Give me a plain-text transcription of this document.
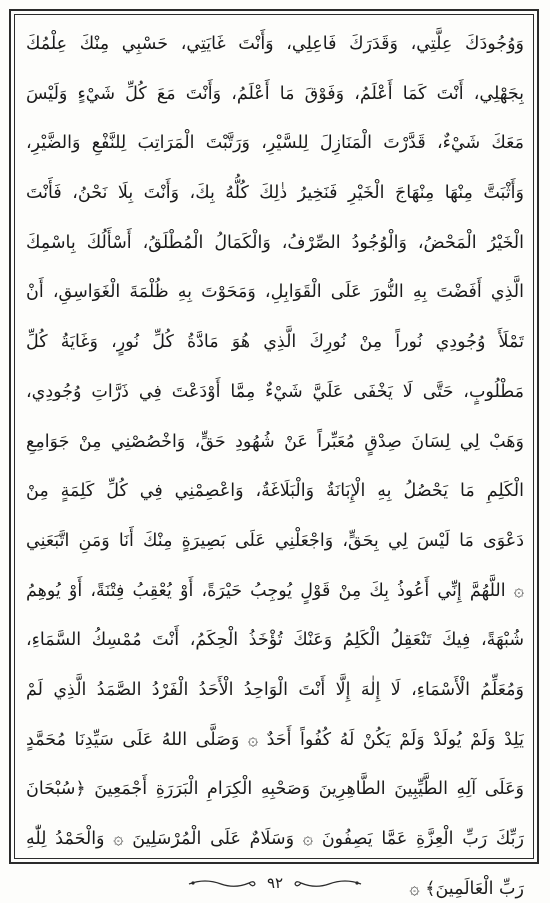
وَوُجُودَكَ عِلَّتِي، وَقَدَرَكَ فَاعِلِي، وَأَنْتَ غَايَتِي، حَسْبِي مِنْكَ عِلْمُكَ
بِجَهْلِي، أَنْتَ كَمَا أَعْلَمُ، وَفَوْقَ مَا أَعْلَمُ، وَأَنْتَ مَعَ كُلِّ شَيْءٍ وَلَيْسَ
مَعَكَ شَيْءٌ، قَدَّرْتَ الْمَنَازِلَ لِلسَّيْرِ، وَرَتَّبْتَ الْمَرَاتِبَ لِلنَّفْعِ وَالضَّيْرِ،
وَأَثْبَتَّ مِنْهَا مِنْهَاجَ الْخَيْرِ فَنَخِيرُ ذٰلِكَ كُلُّهُ بِكَ، وَأَنْتَ بِلَا نَحْنُ، فَأَنْتَ
الْخَيْرُ الْمَحْضُ، وَالْوُجُودُ الصِّرْفُ، وَالْكَمَالُ الْمُطْلَقُ، أَسْأَلُكَ بِاسْمِكَ
الَّذِي أَفَضْتَ بِهِ النُّورَ عَلَى الْقَوَابِلِ، وَمَحَوْتَ بِهِ ظُلْمَةَ الْغَوَاسِقِ، أَنْ
تَمْلَأَ وُجُودِي نُوراً مِنْ نُورِكَ الَّذِي هُوَ مَادَّةُ كُلِّ نُورٍ، وَغَايَةُ كُلِّ
مَطْلُوبٍ، حَتَّى لَا يَخْفَى عَلَيَّ شَيْءٌ مِمَّا أَوْدَعْتَ فِي ذَرَّاتِ وُجُودِي،
وَهَبْ لِي لِسَانَ صِدْقٍ مُعَبِّراً عَنْ شُهُودِ حَقٍّ، وَاخْصُصْنِي مِنْ جَوَامِعِ
الْكَلِمِ مَا يَحْصُلُ بِهِ الْإِبَانَةُ وَالْبَلَاغَةُ، وَاعْصِمْنِي فِي كُلِّ كَلِمَةٍ مِنْ
دَعْوَى مَا لَيْسَ لِي بِحَقٍّ، وَاجْعَلْنِي عَلَى بَصِيرَةٍ مِنْكَ أَنَا وَمَنِ اتَّبَعَنِي
۞ اللَّهُمَّ إِنِّي أَعُوذُ بِكَ مِنْ قَوْلٍ يُوجِبُ حَيْرَةً، أَوْ يُعْقِبُ فِتْنَةً، أَوْ يُوهِمُ
شُبْهَةً، فِيكَ تَنْعَقِلُ الْكَلِمُ وَعَنْكَ تُؤْخَذُ الْحِكَمُ، أَنْتَ مُمْسِكُ السَّمَاءِ،
وَمُعَلِّمُ الْأَسْمَاءِ، لَا إِلٰهَ إِلَّا أَنْتَ الْوَاحِدُ الْأَحَدُ الْفَرْدُ الصَّمَدُ الَّذِي لَمْ
يَلِدْ وَلَمْ يُولَدْ وَلَمْ يَكُنْ لَهُ كُفُواً أَحَدٌ ۞ وَصَلَّى اللهُ عَلَى سَيِّدِنَا مُحَمَّدٍ
وَعَلَى آلِهِ الطَّيِّبِينَ الطَّاهِرِينَ وَصَحْبِهِ الْكِرَامِ الْبَرَرَةِ أَجْمَعِينَ ﴿سُبْحَانَ
رَبِّكَ رَبِّ الْعِزَّةِ عَمَّا يَصِفُونَ ۞ وَسَلَامٌ عَلَى الْمُرْسَلِينَ ۞ وَالْحَمْدُ لِلّٰهِ
رَبِّ الْعَالَمِينَ﴾ ۞
٩٢
